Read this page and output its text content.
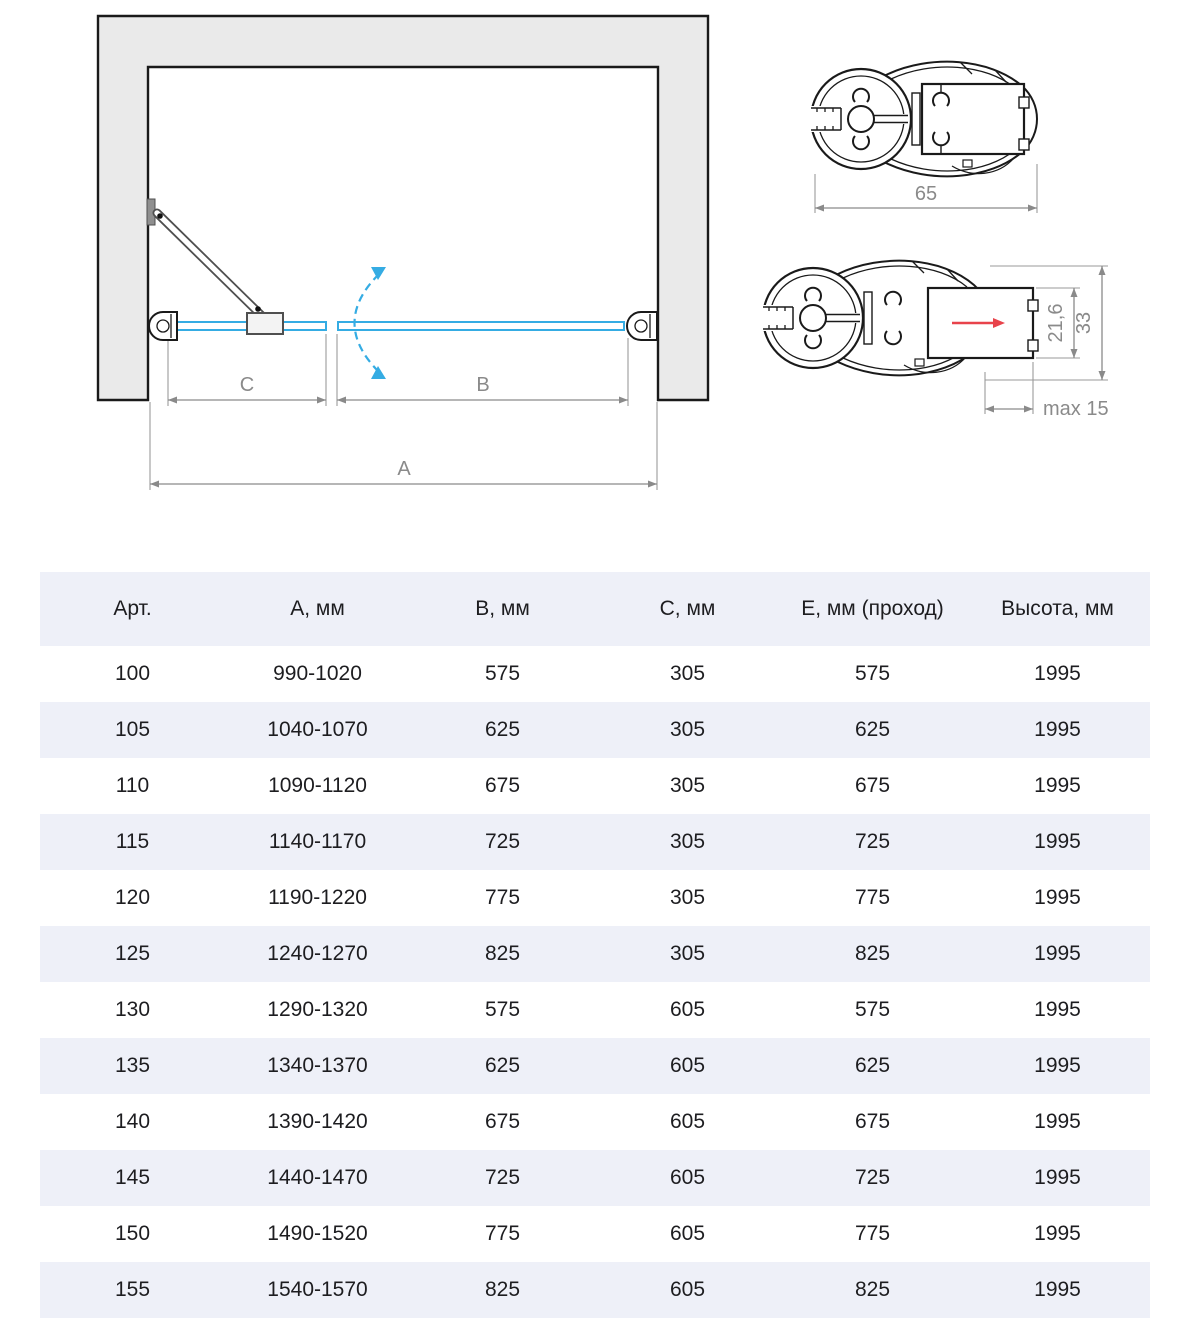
C	B
A
65
21,6 33
max 15
Арт.	А, мм	В, мм	С, мм	Е, мм (проход)	Высота, мм
100	990-1020	575	305	575	1995
105	1040-1070	625	305	625	1995
110	1090-1120	675	305	675	1995
115	1140-1170	725	305	725	1995
120	1190-1220	775	305	775	1995
125	1240-1270	825	305	825	1995
130	1290-1320	575	605	575	1995
135	1340-1370	625	605	625	1995
140	1390-1420	675	605	675	1995
145	1440-1470	725	605	725	1995
150	1490-1520	775	605	775	1995
155	1540-1570	825	605	825	1995
